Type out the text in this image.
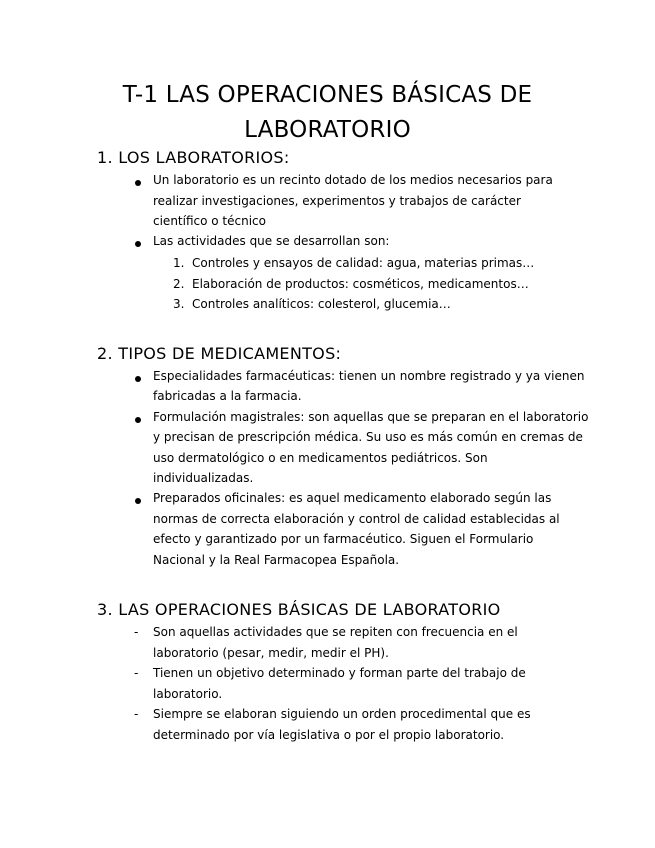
T-1 LAS OPERACIONES BÁSICAS DE
LABORATORIO
1. LOS LABORATORIOS:
Un laboratorio es un recinto dotado de los medios necesarios para
realizar investigaciones, experimentos y trabajos de carácter
científico o técnico
Las actividades que se desarrollan son:
1. Controles y ensayos de calidad: agua, materias primas…
2. Elaboración de productos: cosméticos, medicamentos…
3. Controles analíticos: colesterol, glucemia…
2. TIPOS DE MEDICAMENTOS:
Especialidades farmacéuticas: tienen un nombre registrado y ya vienen
fabricadas a la farmacia.
Formulación magistrales: son aquellas que se preparan en el laboratorio
y precisan de prescripción médica. Su uso es más común en cremas de
uso dermatológico o en medicamentos pediátricos. Son
individualizadas.
Preparados oficinales: es aquel medicamento elaborado según las
normas de correcta elaboración y control de calidad establecidas al
efecto y garantizado por un farmacéutico. Siguen el Formulario
Nacional y la Real Farmacopea Española.
3. LAS OPERACIONES BÁSICAS DE LABORATORIO
- Son aquellas actividades que se repiten con frecuencia en el
laboratorio (pesar, medir, medir el PH).
- Tienen un objetivo determinado y forman parte del trabajo de
laboratorio.
- Siempre se elaboran siguiendo un orden procedimental que es
determinado por vía legislativa o por el propio laboratorio.
